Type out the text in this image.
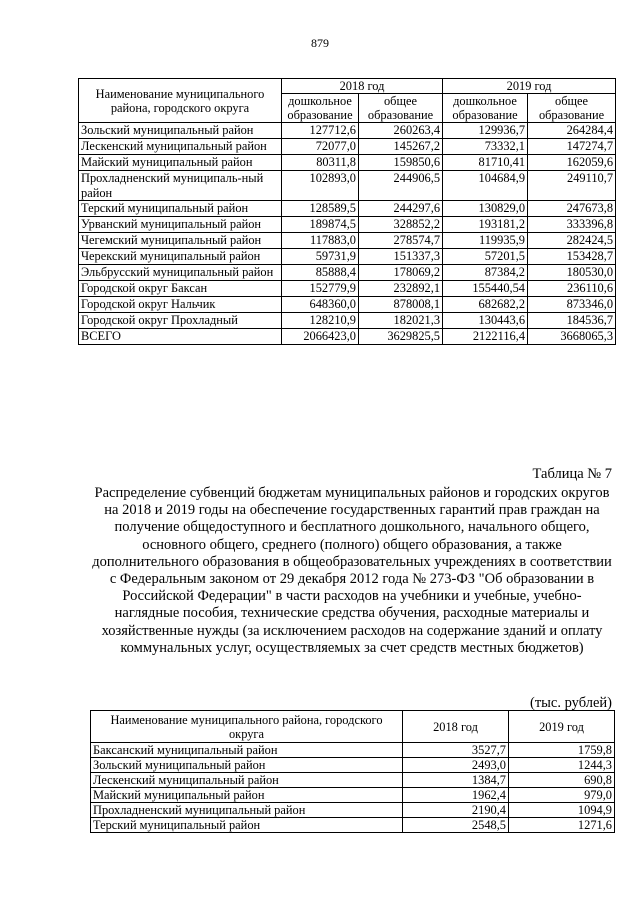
879
Наименование муниципального района, городского округа	2018 год		2019 год	
	дошкольное образование	общее образование	дошкольное образование	общее образование
Зольский муниципальный район	127712,6	260263,4	129936,7	264284,4
Лескенский муниципальный район	72077,0	145267,2	73332,1	147274,7
Майский муниципальный район	80311,8	159850,6	81710,41	162059,6
Прохладненский муниципаль-ный район	102893,0	244906,5	104684,9	249110,7
Терский муниципальный район	128589,5	244297,6	130829,0	247673,8
Урванский муниципальный район	189874,5	328852,2	193181,2	333396,8
Чегемский муниципальный район	117883,0	278574,7	119935,9	282424,5
Черекский муниципальный район	59731,9	151337,3	57201,5	153428,7
Эльбрусский муниципальный район	85888,4	178069,2	87384,2	180530,0
Городской округ Баксан	152779,9	232892,1	155440,54	236110,6
Городской округ Нальчик	648360,0	878008,1	682682,2	873346,0
Городской округ Прохладный	128210,9	182021,3	130443,6	184536,7
ВСЕГО	2066423,0	3629825,5	2122116,4	3668065,3
Таблица № 7
Распределение субвенций бюджетам муниципальных районов и городских округов на 2018 и 2019 годы на обеспечение государственных гарантий прав граждан на получение общедоступного и бесплатного дошкольного, начального общего, основного общего, среднего (полного) общего образования, а также дополнительного образования в общеобразовательных учреждениях в соответствии с Федеральным законом от 29 декабря 2012 года № 273-ФЗ "Об образовании в Российской Федерации" в части расходов на учебники и учебные, учебно-наглядные пособия, технические средства обучения, расходные материалы и хозяйственные нужды (за исключением расходов на содержание зданий и оплату коммунальных услуг, осуществляемых за счет средств местных бюджетов)
(тыс. рублей)
Наименование муниципального района, городского округа	2018 год	2019 год
Баксанский муниципальный район	3527,7	1759,8
Зольский муниципальный район	2493,0	1244,3
Лескенский муниципальный район	1384,7	690,8
Майский муниципальный район	1962,4	979,0
Прохладненский муниципальный район	2190,4	1094,9
Терский муниципальный район	2548,5	1271,6
